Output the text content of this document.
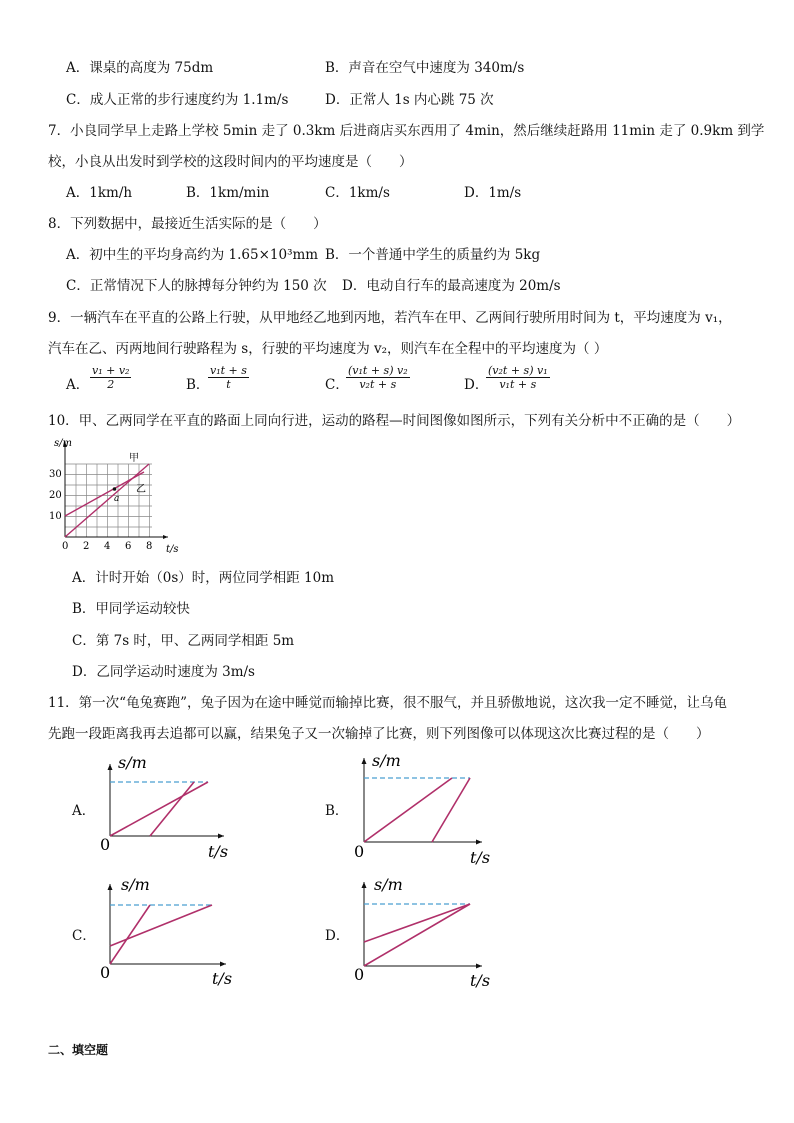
A．课桌的高度为 75dm	B．声音在空气中速度为 340m/s
C．成人正常的步行速度约为 1.1m/s	D．正常人 1s 内心跳 75 次
7．小良同学早上走路上学校 5min 走了 0.3km 后进商店买东西用了 4min，然后继续赶路用 11min 走了 0.9km 到学
校，小良从出发时到学校的这段时间内的平均速度是（　　）
A．1km/h	B．1km/min	C．1km/s	D．1m/s
8．下列数据中，最接近生活实际的是（　　）
A．初中生的平均身高约为 1.65×10³mm B．一个普通中学生的质量约为 5kg
C．正常情况下人的脉搏每分钟约为 150 次 D．电动自行车的最高速度为 20m/s
9．一辆汽车在平直的公路上行驶，从甲地经乙地到丙地，若汽车在甲、乙两间行驶所用时间为 t，平均速度为 v₁，
汽车在乙、丙两地间行驶路程为 s，行驶的平均速度为 v₂，则汽车在全程中的平均速度为（ ）
A． $\frac{\text{v₁ + v₂}}{2}$	B．
$\frac{\text{v₁t + s}}{t}$	C．
$\frac{\text{(v₁t + s) v₂}}{\text{v₂t + s}}$	D．
$\frac{\text{(v₂t + s) v₁}}{\text{v₁t + s}}$
10．甲、乙两同学在平直的路面上同向行进，运动的路程—时间图像如图所示，下列有关分析中不正确的是（　　）
s/m
t/s
30
20
10
0 2 4 6 8
甲
乙
a
A．计时开始（0s）时，两位同学相距 10m
B．甲同学运动较快
C．第 7s 时，甲、乙两同学相距 5m
D．乙同学运动时速度为 3m/s
11．第一次“龟兔赛跑”，兔子因为在途中睡觉而输掉比赛，很不服气，并且骄傲地说，这次我一定不睡觉，让乌龟
先跑一段距离我再去追都可以赢，结果兔子又一次输掉了比赛，则下列图像可以体现这次比赛过程的是（　　）
A．
s/m
t/s
0
B．
s/m
t/s
0
C．
s/m
t/s
0
D．
s/m
t/s
0
二、填空题
